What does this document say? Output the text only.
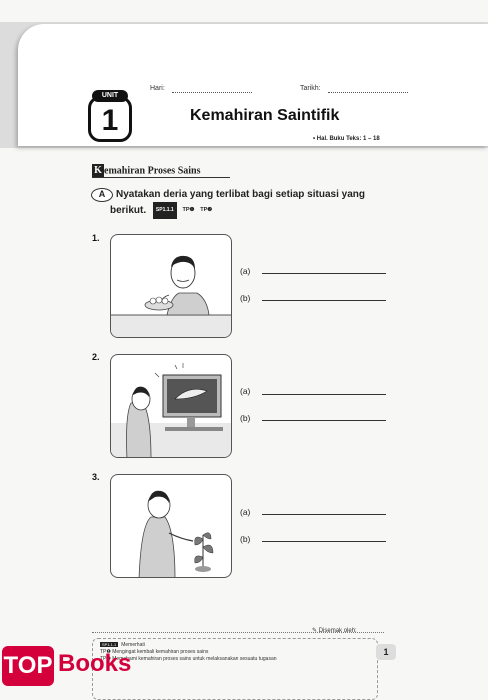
Hari:	Tarikh:
1
UNIT
Kemahiran Saintifik
• Hal. Buku Teks: 1 – 18
K emahiran Proses Sains
A	Nyatakan deria yang terlibat bagi setiap situasi yang berikut. SP1.1.1 TP❶ TP❷
1.
(a)
(b)
2.
(a)
(b)
3.
(a)
(b)
✎ Disemak oleh:
SP1.1.1 Memerhati
TP❶ Mengingat kembali kemahiran proses sains
TP❷ Memahami kemahiran proses sains untuk melaksanakan sesuatu tugasan
1
TOP Books
